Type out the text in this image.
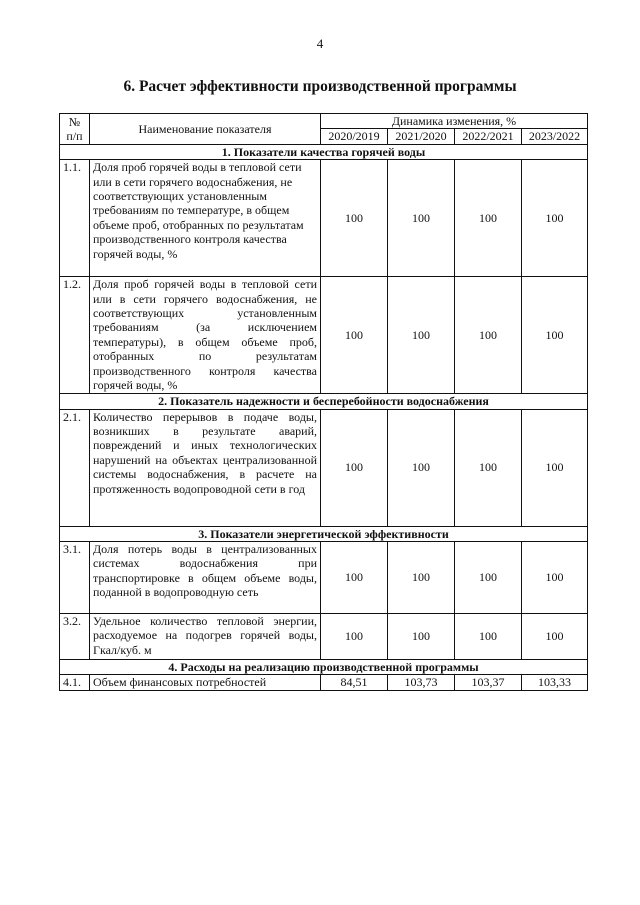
4
6. Расчет эффективности производственной программы
№
п/п	Наименование показателя	Динамика изменения, %			
		2020/2019	2021/2020	2022/2021	2023/2022
1. Показатели качества горячей воды					
1.1.	Доля проб горячей воды в тепловой сети или в сети горячего водоснабжения, не соответствующих установленным требованиям по температуре, в общем объеме проб, отобранных по результатам производственного контроля качества горячей воды, %	100	100	100	100
1.2.	Доля проб горячей воды в тепловой сети или в сети горячего водоснабжения, не соответствующих установленным требованиям (за исключением температуры), в общем объеме проб, отобранных по результатам производственного контроля качества горячей воды, %	100	100	100	100
2. Показатель надежности и бесперебойности водоснабжения					
2.1.	Количество перерывов в подаче воды, возникших в результате аварий, повреждений и иных технологических нарушений на объектах централизованной системы водоснабжения, в расчете на протяженность водопроводной сети в год	100	100	100	100
3. Показатели энергетической эффективности					
3.1.	Доля потерь воды в централизованных системах водоснабжения при транспортировке в общем объеме воды, поданной в водопроводную сеть	100	100	100	100
3.2.	Удельное количество тепловой энергии, расходуемое на подогрев горячей воды, Гкал/куб. м	100	100	100	100
4. Расходы на реализацию производственной программы					
4.1.	Объем финансовых потребностей	84,51	103,73	103,37	103,33
